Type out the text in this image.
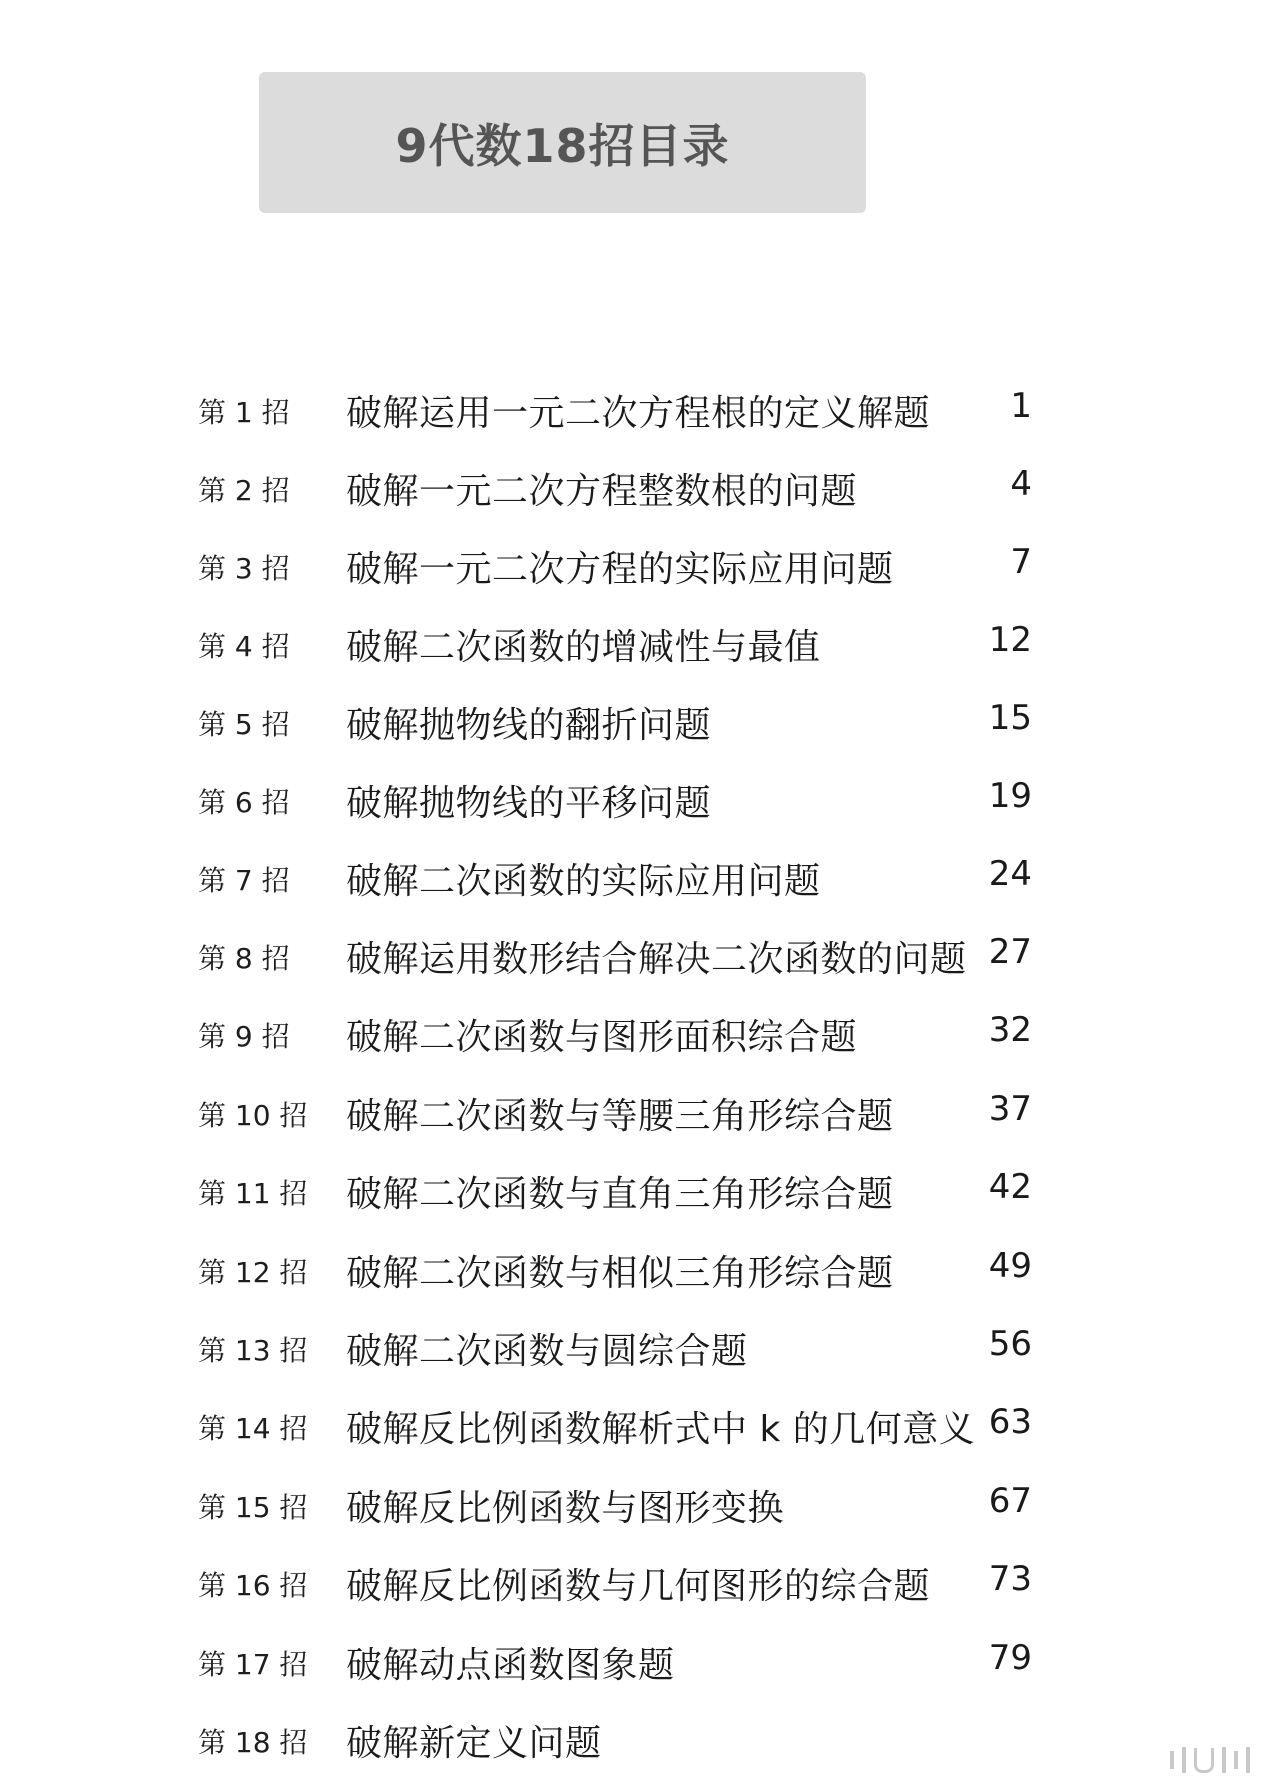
9代数18招目录
第 1 招 破解运用一元二次方程根的定义解题 1
第 2 招 破解一元二次方程整数根的问题	4
第 3 招 破解一元二次方程的实际应用问题	7
第 4 招 破解二次函数的增减性与最值	12
第 5 招 破解抛物线的翻折问题	15
第 6 招 破解抛物线的平移问题	19
第 7 招 破解二次函数的实际应用问题	24
第 8 招 破解运用数形结合解决二次函数的问题 27
第 9 招 破解二次函数与图形面积综合题	32
第 10 招 破解二次函数与等腰三角形综合题	37
第 11 招 破解二次函数与直角三角形综合题	42
第 12 招 破解二次函数与相似三角形综合题	49
第 13 招 破解二次函数与圆综合题	56
第 14 招 破解反比例函数解析式中 k 的几何意义 63
第 15 招 破解反比例函数与图形变换	67
第 16 招 破解反比例函数与几何图形的综合题 73
第 17 招 破解动点函数图象题	79
第 18 招 破解新定义问题
